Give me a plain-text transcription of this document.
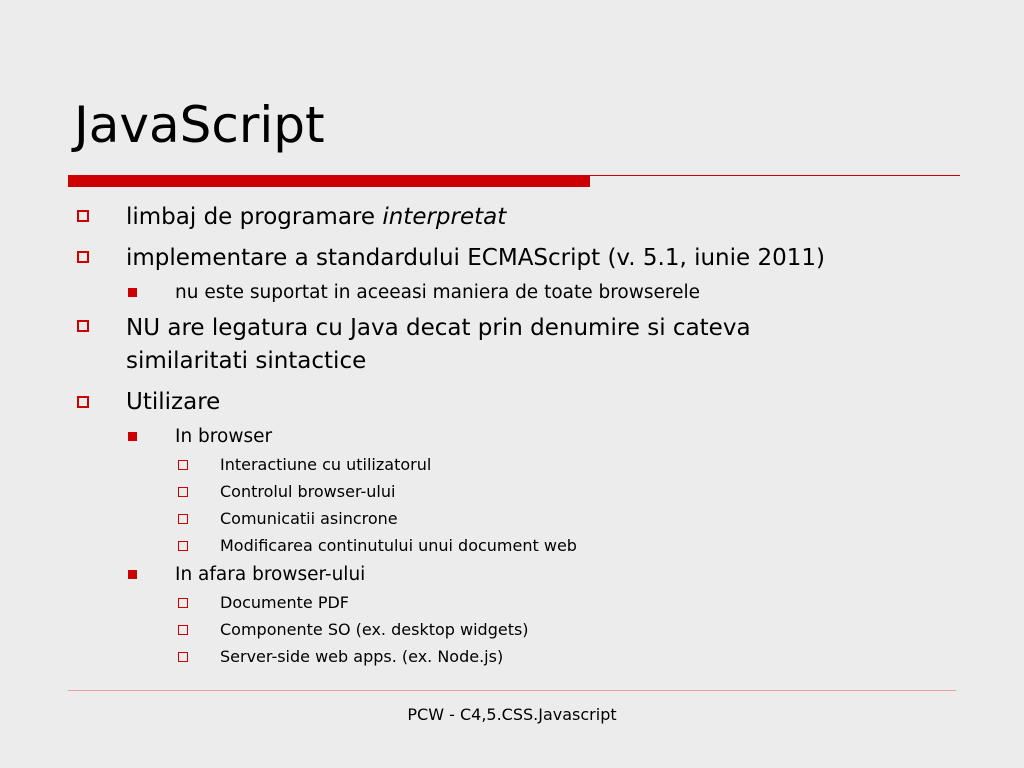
JavaScript
limbaj de programare interpretat
implementare a standardului ECMAScript (v. 5.1, iunie 2011)
nu este suportat in aceeasi maniera de toate browserele
NU are legatura cu Java decat prin denumire si cateva
similaritati sintactice
Utilizare
In browser
Interactiune cu utilizatorul
Controlul browser-ului
Comunicatii asincrone
Modificarea continutului unui document web
In afara browser-ului
Documente PDF
Componente SO (ex. desktop widgets)
Server-side web apps. (ex. Node.js)
PCW - C4,5.CSS.Javascript
